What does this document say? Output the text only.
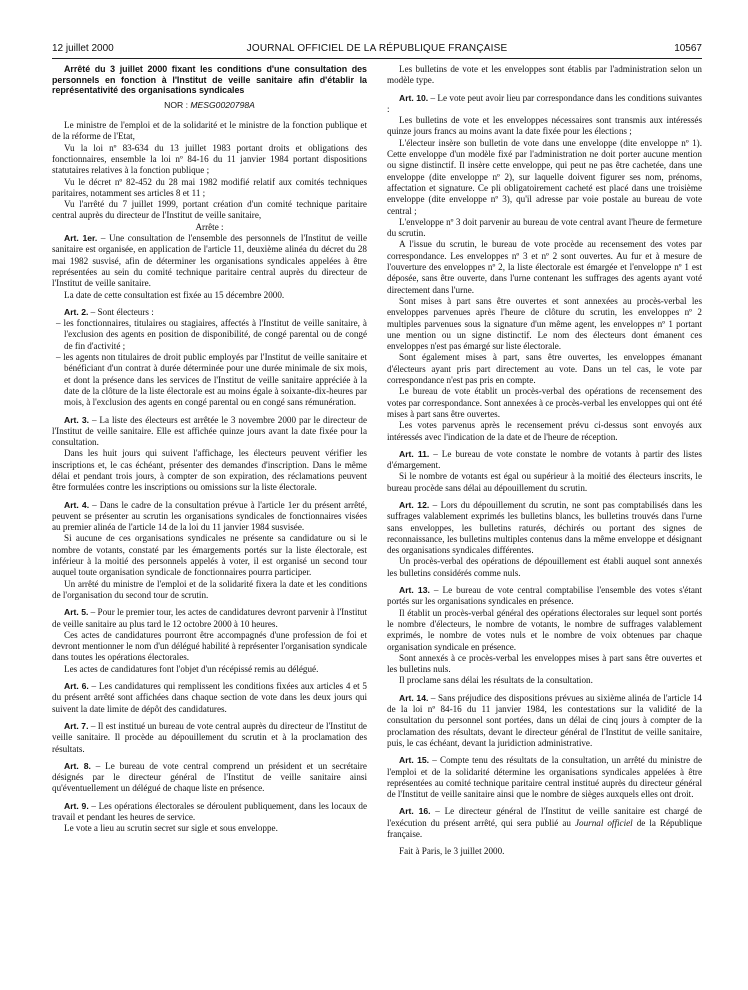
12 juillet 2000	JOURNAL OFFICIEL DE LA RÉPUBLIQUE FRANÇAISE	10567

Arrêté du 3 juillet 2000 fixant les conditions d'une consultation des personnels en fonction à l'Institut de veille sanitaire afin d'établir la représentativité des organisations syndicales

NOR : MESG0020798A

Le ministre de l'emploi et de la solidarité et le ministre de la fonction publique et de la réforme de l'Etat,

Vu la loi nº 83-634 du 13 juillet 1983 portant droits et obligations des fonctionnaires, ensemble la loi nº 84-16 du 11 janvier 1984 portant dispositions statutaires relatives à la fonction publique ;

Vu le décret nº 82-452 du 28 mai 1982 modifié relatif aux comités techniques paritaires, notamment ses articles 8 et 11 ;

Vu l'arrêté du 7 juillet 1999, portant création d'un comité technique paritaire central auprès du directeur de l'Institut de veille sanitaire,

Arrête :

Art. 1er. – Une consultation de l'ensemble des personnels de l'Institut de veille sanitaire est organisée, en application de l'article 11, deuxième alinéa du décret du 28 mai 1982 susvisé, afin de déterminer les organisations syndicales appelées à être représentées au sein du comité technique paritaire central auprès du directeur de l'Institut de veille sanitaire.

La date de cette consultation est fixée au 15 décembre 2000.

Art. 2. – Sont électeurs :

– les fonctionnaires, titulaires ou stagiaires, affectés à l'Institut de veille sanitaire, à l'exclusion des agents en position de disponibilité, de congé parental ou de congé de fin d'activité ;
– les agents non titulaires de droit public employés par l'Institut de veille sanitaire et bénéficiant d'un contrat à durée déterminée pour une durée minimale de six mois, et dont la présence dans les services de l'Institut de veille sanitaire appréciée à la date de la clôture de la liste électorale est au moins égale à soixante-dix-heures par mois, à l'exclusion des agents en congé parental ou en congé sans rémunération.

Art. 3. – La liste des électeurs est arrêtée le 3 novembre 2000 par le directeur de l'Institut de veille sanitaire. Elle est affichée quinze jours avant la date fixée pour la consultation.

Dans les huit jours qui suivent l'affichage, les électeurs peuvent vérifier les inscriptions et, le cas échéant, présenter des demandes d'inscription. Dans le même délai et pendant trois jours, à compter de son expiration, des réclamations peuvent être formulées contre les inscriptions ou omissions sur la liste électorale.

Art. 4. – Dans le cadre de la consultation prévue à l'article 1er du présent arrêté, peuvent se présenter au scrutin les organisations syndicales de fonctionnaires visées au premier alinéa de l'article 14 de la loi du 11 janvier 1984 susvisée.

Si aucune de ces organisations syndicales ne présente sa candidature ou si le nombre de votants, constaté par les émargements portés sur la liste électorale, est inférieur à la moitié des personnels appelés à voter, il est organisé un second tour auquel toute organisation syndicale de fonctionnaires pourra participer.

Un arrêté du ministre de l'emploi et de la solidarité fixera la date et les conditions de l'organisation du second tour de scrutin.

Art. 5. – Pour le premier tour, les actes de candidatures devront parvenir à l'Institut de veille sanitaire au plus tard le 12 octobre 2000 à 10 heures.

Ces actes de candidatures pourront être accompagnés d'une profession de foi et devront mentionner le nom d'un délégué habilité à représenter l'organisation syndicale dans toutes les opérations électorales.

Les actes de candidatures font l'objet d'un récépissé remis au délégué.

Art. 6. – Les candidatures qui remplissent les conditions fixées aux articles 4 et 5 du présent arrêté sont affichées dans chaque section de vote dans les deux jours qui suivent la date limite de dépôt des candidatures.

Art. 7. – Il est institué un bureau de vote central auprès du directeur de l'Institut de veille sanitaire. Il procède au dépouillement du scrutin et à la proclamation des résultats.

Art. 8. – Le bureau de vote central comprend un président et un secrétaire désignés par le directeur général de l'Institut de veille sanitaire ainsi qu'éventuellement un délégué de chaque liste en présence.

Art. 9. – Les opérations électorales se déroulent publiquement, dans les locaux de travail et pendant les heures de service.

Le vote a lieu au scrutin secret sur sigle et sous enveloppe.

Les bulletins de vote et les enveloppes sont établis par l'administration selon un modèle type.

Art. 10. – Le vote peut avoir lieu par correspondance dans les conditions suivantes :

Les bulletins de vote et les enveloppes nécessaires sont transmis aux intéressés quinze jours francs au moins avant la date fixée pour les élections ;

L'électeur insère son bulletin de vote dans une enveloppe (dite enveloppe nº 1). Cette enveloppe d'un modèle fixé par l'administration ne doit porter aucune mention ou signe distinctif. Il insère cette enveloppe, qui peut ne pas être cachetée, dans une enveloppe (dite enveloppe nº 2), sur laquelle doivent figurer ses nom, prénoms, affectation et signature. Ce pli obligatoirement cacheté est placé dans une troisième enveloppe (dite enveloppe nº 3), qu'il adresse par voie postale au bureau de vote central ;

L'enveloppe nº 3 doit parvenir au bureau de vote central avant l'heure de fermeture du scrutin.

A l'issue du scrutin, le bureau de vote procède au recensement des votes par correspondance. Les enveloppes nº 3 et nº 2 sont ouvertes. Au fur et à mesure de l'ouverture des enveloppes nº 2, la liste électorale est émargée et l'enveloppe nº 1 est déposée, sans être ouverte, dans l'urne contenant les suffrages des agents ayant voté directement dans l'urne.

Sont mises à part sans être ouvertes et sont annexées au procès-verbal les enveloppes parvenues après l'heure de clôture du scrutin, les enveloppes nº 2 multiples parvenues sous la signature d'un même agent, les enveloppes nº 1 portant une mention ou un signe distinctif. Le nom des électeurs dont émanent ces enveloppes n'est pas émargé sur liste électorale.

Sont également mises à part, sans être ouvertes, les enveloppes émanant d'électeurs ayant pris part directement au vote. Dans un tel cas, le vote par correspondance n'est pas pris en compte.

Le bureau de vote établit un procès-verbal des opérations de recensement des votes par correspondance. Sont annexées à ce procès-verbal les enveloppes qui ont été mises à part sans être ouvertes.

Les votes parvenus après le recensement prévu ci-dessus sont envoyés aux intéressés avec l'indication de la date et de l'heure de réception.

Art. 11. – Le bureau de vote constate le nombre de votants à partir des listes d'émargement.

Si le nombre de votants est égal ou supérieur à la moitié des électeurs inscrits, le bureau procède sans délai au dépouillement du scrutin.

Art. 12. – Lors du dépouillement du scrutin, ne sont pas comptabilisés dans les suffrages valablement exprimés les bulletins blancs, les bulletins trouvés dans l'urne sans enveloppes, les bulletins raturés, déchirés ou portant des signes de reconnaissance, les bulletins multiples contenus dans la même enveloppe et désignant des organisations syndicales différentes.

Un procès-verbal des opérations de dépouillement est établi auquel sont annexés les bulletins considérés comme nuls.

Art. 13. – Le bureau de vote central comptabilise l'ensemble des votes s'étant portés sur les organisations syndicales en présence.

Il établit un procès-verbal général des opérations électorales sur lequel sont portés le nombre d'électeurs, le nombre de votants, le nombre de suffrages valablement exprimés, le nombre de votes nuls et le nombre de voix obtenues par chaque organisation syndicale en présence.

Sont annexés à ce procès-verbal les enveloppes mises à part sans être ouvertes et les bulletins nuls.

Il proclame sans délai les résultats de la consultation.

Art. 14. – Sans préjudice des dispositions prévues au sixième alinéa de l'article 14 de la loi nº 84-16 du 11 janvier 1984, les contestations sur la validité de la consultation du personnel sont portées, dans un délai de cinq jours à compter de la proclamation des résultats, devant le directeur général de l'Institut de veille sanitaire, puis, le cas échéant, devant la juridiction administrative.

Art. 15. – Compte tenu des résultats de la consultation, un arrêté du ministre de l'emploi et de la solidarité détermine les organisations syndicales appelées à être représentées au comité technique paritaire central institué auprès du directeur général de l'Institut de veille sanitaire ainsi que le nombre de sièges auxquels elles ont droit.

Art. 16. – Le directeur général de l'Institut de veille sanitaire est chargé de l'exécution du présent arrêté, qui sera publié au Journal officiel de la République française.

Fait à Paris, le 3 juillet 2000.
